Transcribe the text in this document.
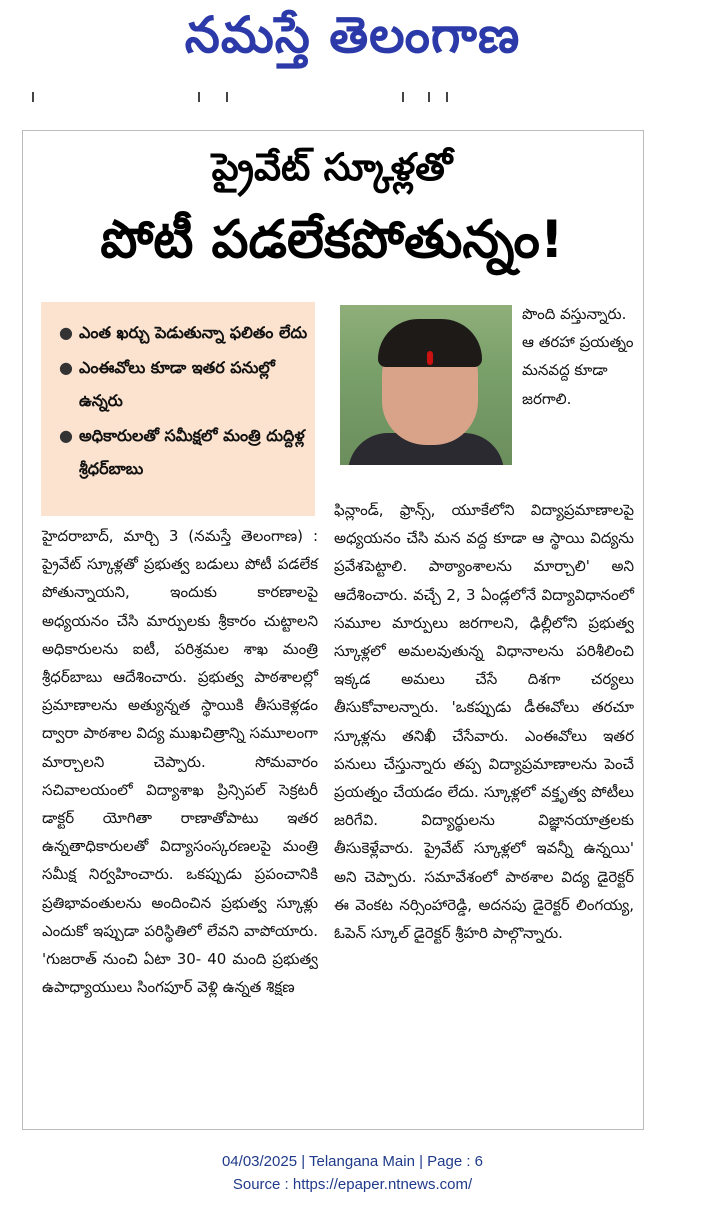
నమస్తే తెలంగాణ
ప్రైవేట్ స్కూళ్లతో
పోటీ పడలేకపోతున్నం!
● ఎంత ఖర్చు పెడుతున్నా ఫలితం లేదు
● ఎంఈవోలు కూడా ఇతర పనుల్లో ఉన్నరు
● అధికారులతో సమీక్షలో మంత్రి దుద్దిళ్ల శ్రీధర్‌బాబు

పొంది వస్తున్నారు. ఆ తరహా ప్రయత్నం మనవద్ద కూడా జరగాలి.

హైదరాబాద్, మార్చి 3 (నమస్తే తెలంగాణ) : ప్రైవేట్ స్కూళ్లతో ప్రభుత్వ బడులు పోటీ పడలేక పోతున్నాయని, ఇందుకు కారణాలపై అధ్యయనం చేసి మార్పులకు శ్రీకారం చుట్టాలని అధికారులను ఐటీ, పరిశ్రమల శాఖ మంత్రి శ్రీధర్‌బాబు ఆదేశించారు. ప్రభుత్వ పాఠశాలల్లో ప్రమాణాలను అత్యున్నత స్థాయికి తీసుకెళ్లడం ద్వారా పాఠశాల విద్య ముఖచిత్రాన్ని సమూలంగా మార్చాలని చెప్పారు. సోమవారం సచివాలయంలో విద్యాశాఖ ప్రిన్సిపల్ సెక్రటరీ డాక్టర్ యోగితా రాణాతోపాటు ఇతర ఉన్నతాధికారులతో విద్యాసంస్కరణలపై మంత్రి సమీక్ష నిర్వహించారు. ఒకప్పుడు ప్రపంచానికి ప్రతిభావంతులను అందించిన ప్రభుత్వ స్కూళ్లు ఎందుకో ఇప్పుడా పరిస్థితిలో లేవని వాపోయారు. 'గుజరాత్ నుంచి ఏటా 30- 40 మంది ప్రభుత్వ ఉపాధ్యాయులు సింగపూర్ వెళ్లి ఉన్నత శిక్షణ

ఫిన్లాండ్, ఫ్రాన్స్, యూకేలోని విద్యాప్రమాణాలపై అధ్యయనం చేసి మన వద్ద కూడా ఆ స్థాయి విద్యను ప్రవేశపెట్టాలి. పాఠ్యాంశాలను మార్చాలి' అని ఆదేశించారు. వచ్చే 2, 3 ఏండ్లలోనే విద్యావిధానంలో సమూల మార్పులు జరగాలని, ఢిల్లీలోని ప్రభుత్వ స్కూళ్లలో అమలవుతున్న విధానాలను పరిశీలించి ఇక్కడ అమలు చేసే దిశగా చర్యలు తీసుకోవాలన్నారు. 'ఒకప్పుడు డీఈవోలు తరచూ స్కూళ్లను తనిఖీ చేసేవారు. ఎంఈవోలు ఇతర పనులు చేస్తున్నారు తప్ప విద్యాప్రమాణాలను పెంచే ప్రయత్నం చేయడం లేదు. స్కూళ్లలో వక్తృత్వ పోటీలు జరిగేవి. విద్యార్థులను విజ్ఞానయాత్రలకు తీసుకెళ్లేవారు. ప్రైవేట్ స్కూళ్లలో ఇవన్నీ ఉన్నయి' అని చెప్పారు. సమావేశంలో పాఠశాల విద్య డైరెక్టర్ ఈ వెంకట నర్సింహారెడ్డి, అదనపు డైరెక్టర్ లింగయ్య, ఓపెన్ స్కూల్ డైరెక్టర్ శ్రీహరి పాల్గొన్నారు.

04/03/2025 | Telangana Main | Page : 6
Source : https://epaper.ntnews.com/
